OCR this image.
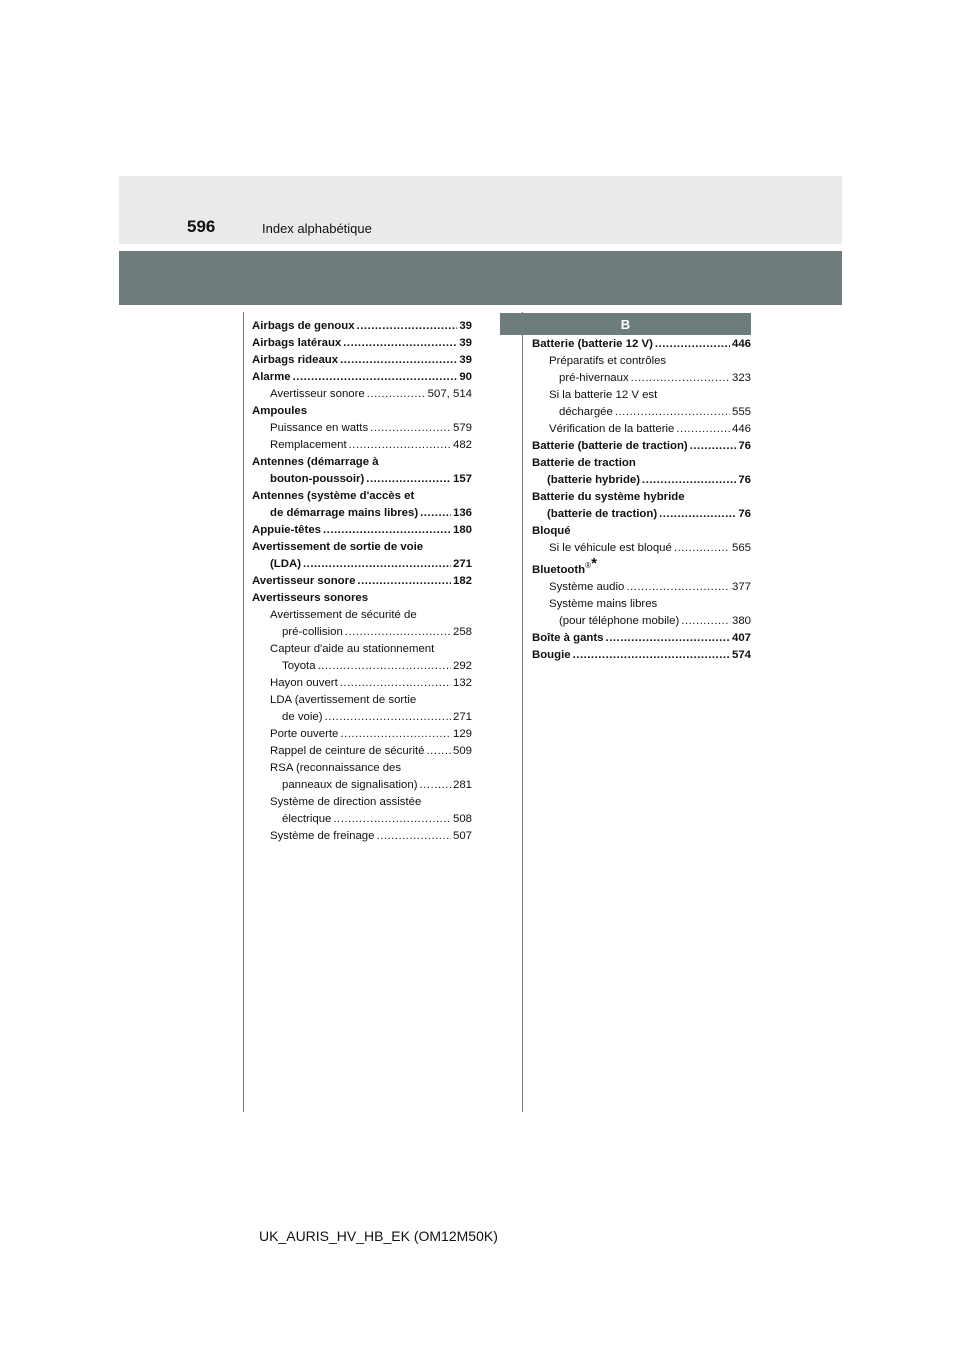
596	Index alphabétique
B
Airbags de genoux .....	39
Airbags latéraux .....	39
Airbags rideaux .....	39
Alarme .....	90
Avertisseur sonore .....	507, 514
Ampoules
Puissance en watts .....	579
Remplacement .....	482
Antennes (démarrage à
bouton-poussoir) .....	157
Antennes (système d'accès et
de démarrage mains libres) .....	136
Appuie-têtes .....	180
Avertissement de sortie de voie
(LDA) .....	271
Avertisseur sonore .....	182
Avertisseurs sonores
Avertissement de sécurité de
pré-collision .....	258
Capteur d'aide au stationnement
Toyota .....	292
Hayon ouvert .....	132
LDA (avertissement de sortie
de voie) .....	271
Porte ouverte .....	129
Rappel de ceinture de sécurité ..... 509
RSA (reconnaissance des
panneaux de signalisation) .....	281
Système de direction assistée
électrique .....	508
Système de freinage .....	507
Batterie (batterie 12 V) .....	446
Préparatifs et contrôles
pré-hivernaux .....	323
Si la batterie 12 V est
déchargée .....	555
Vérification de la batterie .....	446
Batterie (batterie de traction) .....	76
Batterie de traction
(batterie hybride) .....	76
Batterie du système hybride
(batterie de traction) .....	76
Bloqué
Si le véhicule est bloqué .....	565
Bluetooth®*
Système audio .....	377
Système mains libres
(pour téléphone mobile) .....	380
Boîte à gants .....	407
Bougie .....	574
UK_AURIS_HV_HB_EK (OM12M50K)
